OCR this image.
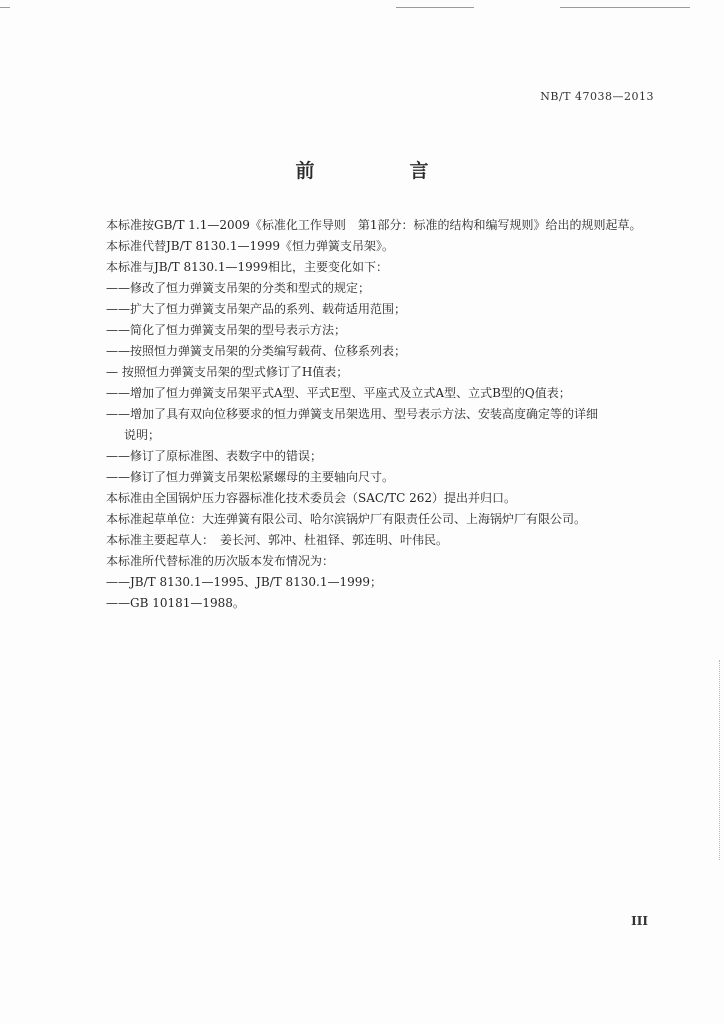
NB/T 47038—2013
前　言

本标准按GB/T 1.1—2009《标准化工作导则　第1部分：标准的结构和编写规则》给出的规则起草。

本标准代替JB/T 8130.1—1999《恒力弹簧支吊架》。

本标准与JB/T 8130.1—1999相比，主要变化如下：

——修改了恒力弹簧支吊架的分类和型式的规定；

——扩大了恒力弹簧支吊架产品的系列、载荷适用范围；

——简化了恒力弹簧支吊架的型号表示方法；

——按照恒力弹簧支吊架的分类编写载荷、位移系列表；

— 按照恒力弹簧支吊架的型式修订了H值表；

——增加了恒力弹簧支吊架平式A型、平式E型、平座式及立式A型、立式B型的Q值表；

——增加了具有双向位移要求的恒力弹簧支吊架选用、型号表示方法、安装高度确定等的详细

说明；

——修订了原标准图、表数字中的错误；

——修订了恒力弹簧支吊架松紧螺母的主要轴向尺寸。

本标准由全国锅炉压力容器标准化技术委员会（SAC/TC 262）提出并归口。

本标准起草单位：大连弹簧有限公司、哈尔滨锅炉厂有限责任公司、上海锅炉厂有限公司。

本标准主要起草人：　姜长河、郭冲、杜祖铎、郭连明、叶伟民。

本标准所代替标准的历次版本发布情况为：

——JB/T 8130.1—1995、JB/T 8130.1—1999；

——GB 10181—1988。

III
